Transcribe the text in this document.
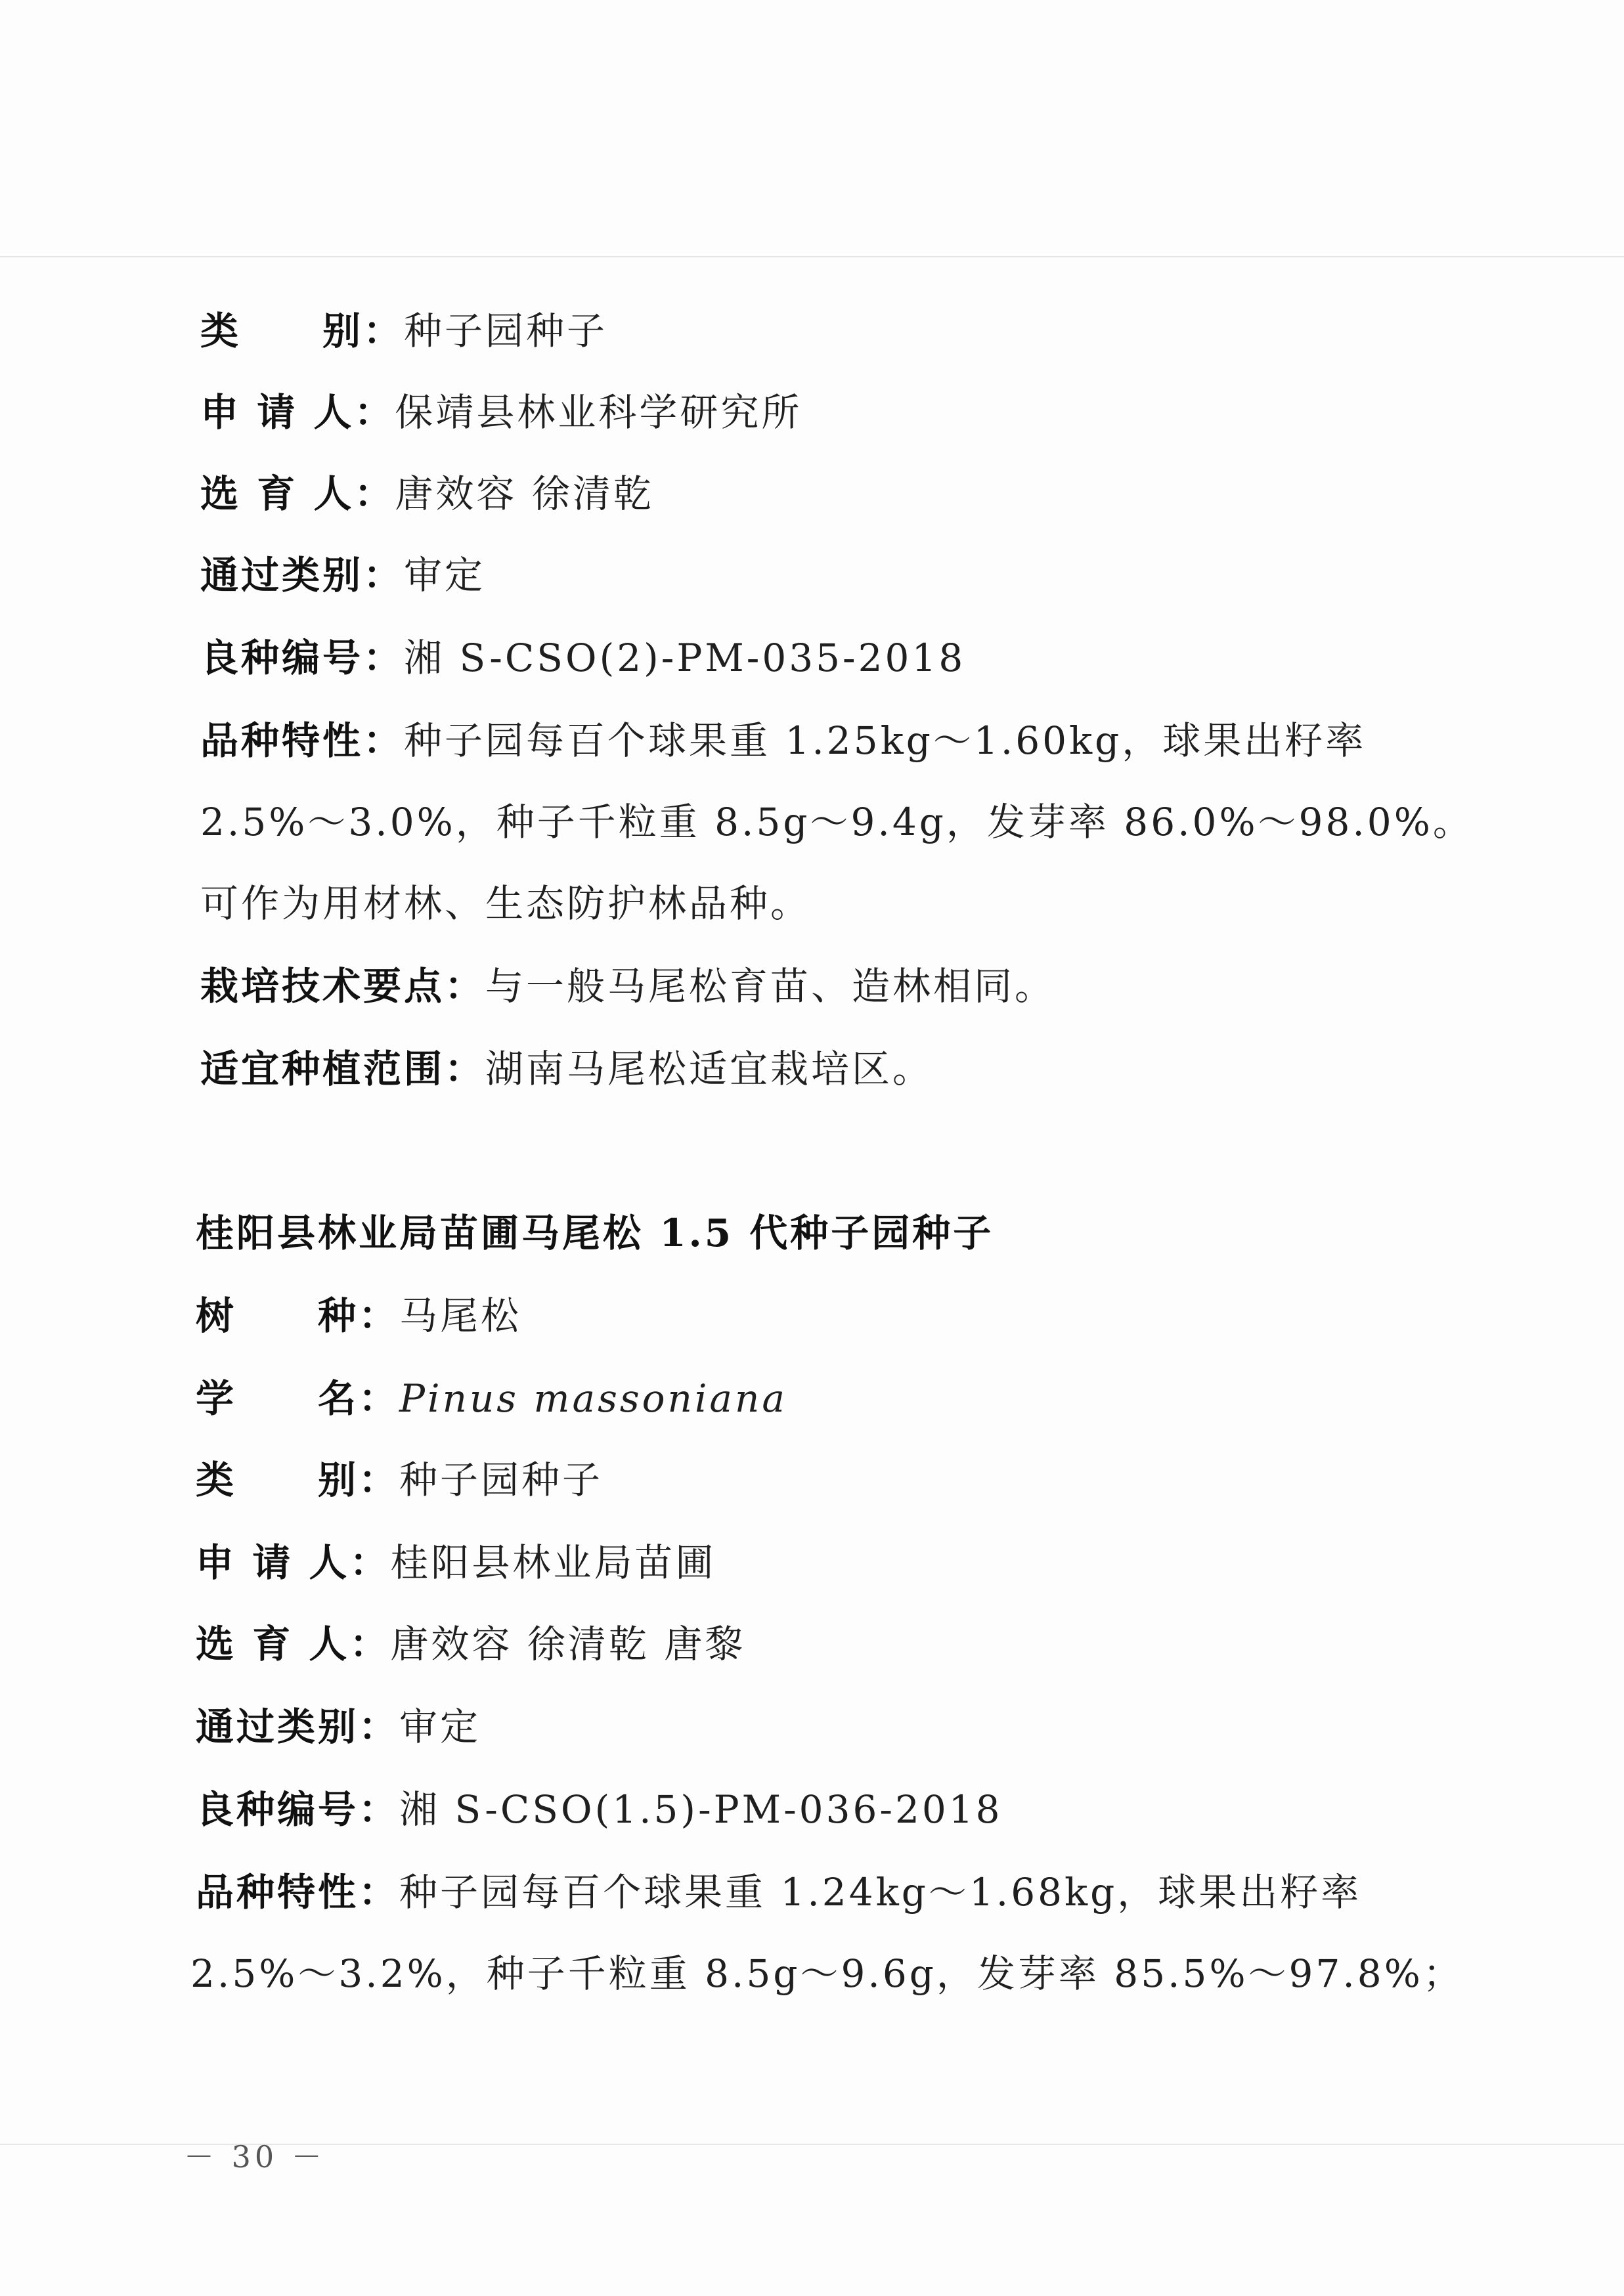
类　　别：种子园种子
申 请 人：保靖县林业科学研究所
选 育 人：唐效容 徐清乾
通过类别：审定
良种编号：湘 S-CSO(2)-PM-035-2018
品种特性：种子园每百个球果重 1.25kg～1.60kg，球果出籽率
2.5%～3.0%，种子千粒重 8.5g～9.4g，发芽率 86.0%～98.0%。
可作为用材林、生态防护林品种。
栽培技术要点：与一般马尾松育苗、造林相同。
适宜种植范围：湖南马尾松适宜栽培区。
桂阳县林业局苗圃马尾松 1.5 代种子园种子
树　　种：马尾松
学　　名：Pinus massoniana
类　　别：种子园种子
申 请 人：桂阳县林业局苗圃
选 育 人：唐效容 徐清乾 唐黎
通过类别：审定
良种编号：湘 S-CSO(1.5)-PM-036-2018
品种特性：种子园每百个球果重 1.24kg～1.68kg，球果出籽率
2.5%～3.2%，种子千粒重 8.5g～9.6g，发芽率 85.5%～97.8%；
－ 30 －
